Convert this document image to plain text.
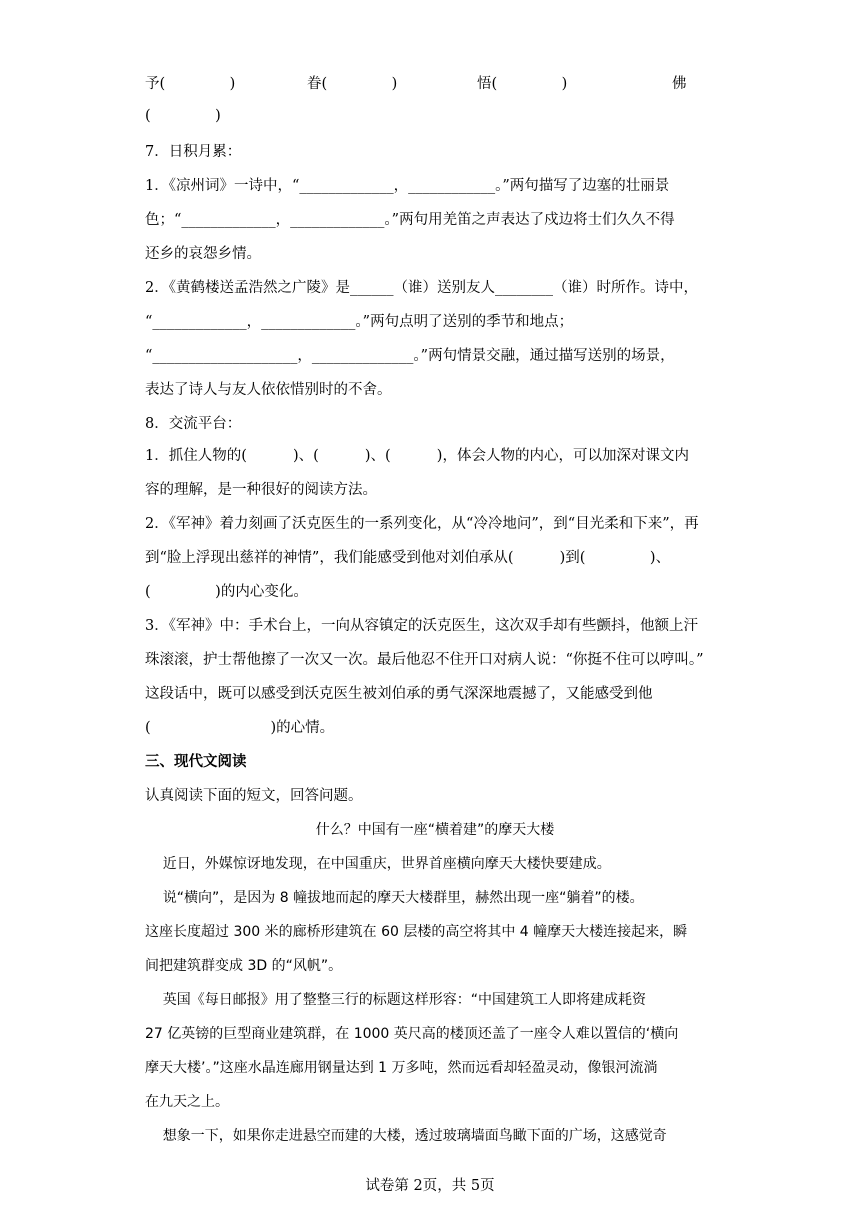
予(              )	眷(              )	悟(              )	佛
(              )
7．日积月累：
1．《凉州词》一诗中，“_____________，____________。”两句描写了边塞的壮丽景
色；“_____________，_____________。”两句用羌笛之声表达了戍边将士们久久不得
还乡的哀怨乡情。
2．《黄鹤楼送孟浩然之广陵》是______（谁）送别友人________（谁）时所作。诗中，
“_____________，_____________。”两句点明了送别的季节和地点；
“____________________，______________。”两句情景交融，通过描写送别的场景，
表达了诗人与友人依依惜别时的不舍。
8．交流平台：
1．抓住人物的(          )、(          )、(          )，体会人物的内心，可以加深对课文内
容的理解，是一种很好的阅读方法。
2．《军神》着力刻画了沃克医生的一系列变化，从“冷冷地问”，到“目光柔和下来”，再
到“脸上浮现出慈祥的神情”，我们能感受到他对刘伯承从(          )到(              )、
(              )的内心变化。
3．《军神》中：手术台上，一向从容镇定的沃克医生，这次双手却有些颤抖，他额上汗
珠滚滚，护士帮他擦了一次又一次。最后他忍不住开口对病人说：“你挺不住可以哼叫。”
这段话中，既可以感受到沃克医生被刘伯承的勇气深深地震撼了，又能感受到他
(                          )的心情。
三、现代文阅读
认真阅读下面的短文，回答问题。
什么？中国有一座“横着建”的摩天大楼
近日，外媒惊讶地发现，在中国重庆，世界首座横向摩天大楼快要建成。
说“横向”，是因为 8 幢拔地而起的摩天大楼群里，赫然出现一座“躺着”的楼。
这座长度超过 300 米的廊桥形建筑在 60 层楼的高空将其中 4 幢摩天大楼连接起来，瞬
间把建筑群变成 3D 的“风帆”。
英国《每日邮报》用了整整三行的标题这样形容：“中国建筑工人即将建成耗资
27 亿英镑的巨型商业建筑群，在 1000 英尺高的楼顶还盖了一座令人难以置信的‘横向
摩天大楼’。”这座水晶连廊用钢量达到 1 万多吨，然而远看却轻盈灵动，像银河流淌
在九天之上。
想象一下，如果你走进悬空而建的大楼，透过玻璃墙面鸟瞰下面的广场，这感觉奇
试卷第 2页，共 5页
